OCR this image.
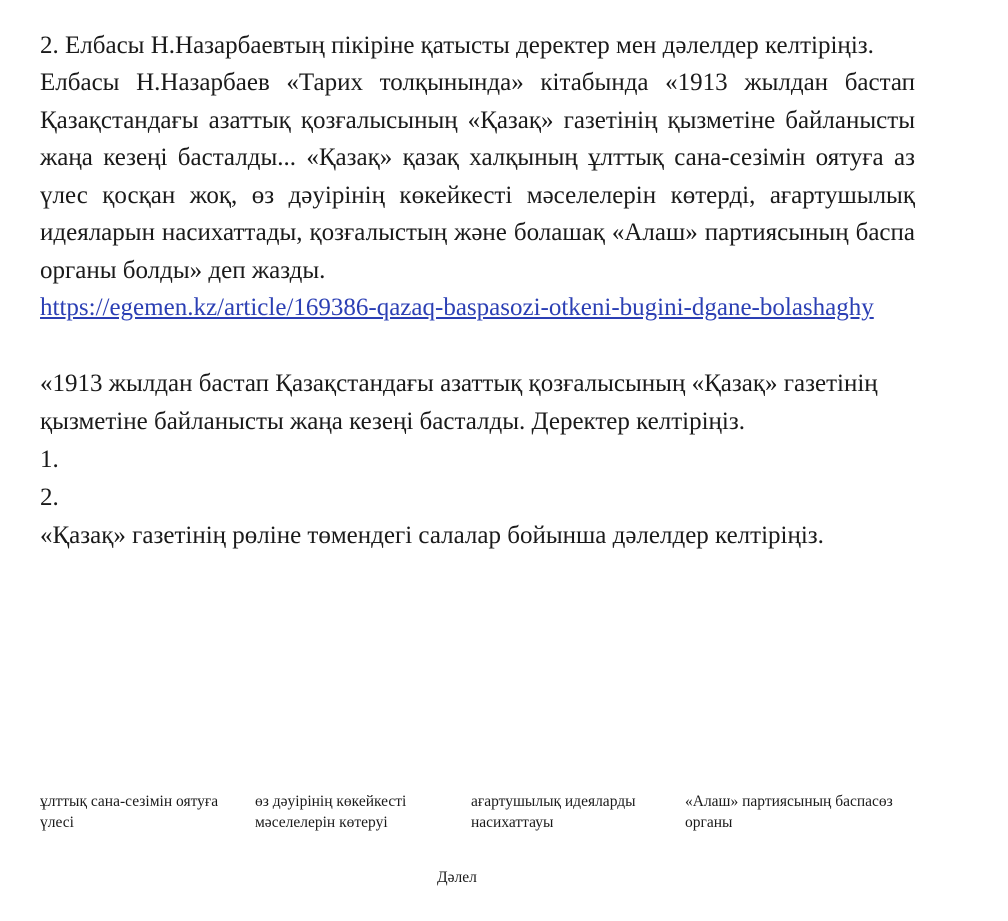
2. Елбасы Н.Назарбаевтың пікіріне қатысты деректер мен дәлелдер келтіріңіз.

Елбасы Н.Назарбаев «Тарих толқынында» кітабында «1913 жылдан бастап Қазақстандағы азаттық қозғалысының «Қазақ» газетінің қызметіне байланысты жаңа кезеңі басталды... «Қазақ» қазақ халқының ұлттық сана-сезімін оятуға аз үлес қосқан жоқ, өз дәуірінің көкейкесті мәселелерін көтерді, ағартушылық идеяларын насихаттады, қозғалыстың және болашақ «Алаш» партиясының баспа органы болды» деп жазды.

https://egemen.kz/article/169386-qazaq-baspasozi-otkeni-bugini-dgane-bolashaghy

«1913 жылдан бастап Қазақстандағы азаттық қозғалысының «Қазақ» газетінің қызметіне байланысты жаңа кезеңі басталды. Деректер келтіріңіз.

1.

2.

«Қазақ» газетінің рөліне төмендегі салалар бойынша дәлелдер келтіріңіз.

ұлттық сана-сезімін оятуға үлесі
өз дәуірінің көкейкесті мәселелерін көтеруі
ағартушылық идеяларды насихаттауы
«Алаш» партиясының баспасөз органы
Дәлел
